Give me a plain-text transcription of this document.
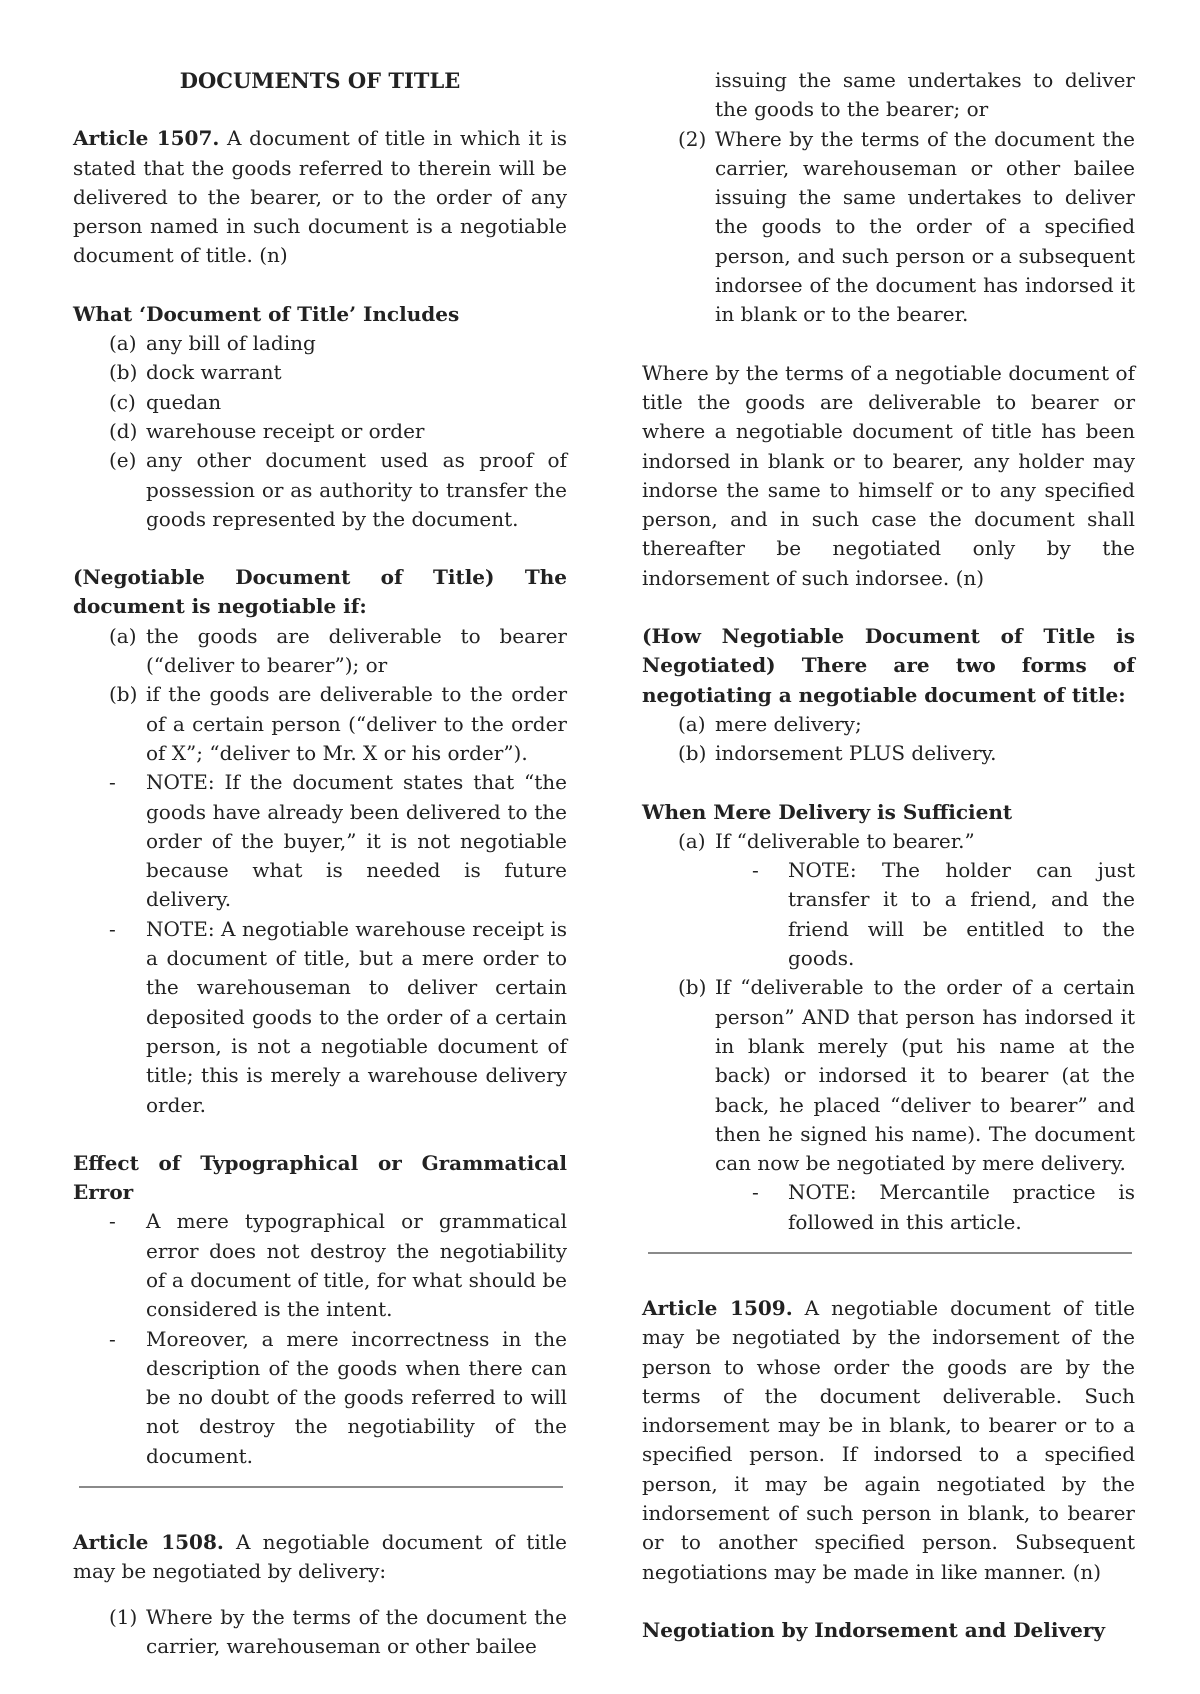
DOCUMENTS OF TITLE

Article 1507. A document of title in which it is stated that the goods referred to therein will be delivered to the bearer, or to the order of any person named in such document is a negotiable document of title. (n)

What ‘Document of Title’ Includes

(a) any bill of lading
(b) dock warrant
(c) quedan
(d) warehouse receipt or order
(e) any other document used as proof of possession or as authority to transfer the goods represented by the document.

(Negotiable Document of Title) The document is negotiable if:

(a) the goods are deliverable to bearer (“deliver to bearer”); or
(b) if the goods are deliverable to the order of a certain person (“deliver to the order of X”; “deliver to Mr. X or his order”).
- NOTE: If the document states that “the goods have already been delivered to the order of the buyer,” it is not negotiable because what is needed is future delivery.
- NOTE: A negotiable warehouse receipt is a document of title, but a mere order to the warehouseman to deliver certain deposited goods to the order of a certain person, is not a negotiable document of title; this is merely a warehouse delivery order.

Effect of Typographical or Grammatical Error

- A mere typographical or grammatical error does not destroy the negotiability of a document of title, for what should be considered is the intent.
- Moreover, a mere incorrectness in the description of the goods when there can be no doubt of the goods referred to will not destroy the negotiability of the document.

Article 1508. A negotiable document of title may be negotiated by delivery:

(1) Where by the terms of the document the carrier, warehouseman or other bailee
issuing the same undertakes to deliver the goods to the bearer; or
(2) Where by the terms of the document the carrier, warehouseman or other bailee issuing the same undertakes to deliver the goods to the order of a specified person, and such person or a subsequent indorsee of the document has indorsed it in blank or to the bearer.

Where by the terms of a negotiable document of title the goods are deliverable to bearer or where a negotiable document of title has been indorsed in blank or to bearer, any holder may indorse the same to himself or to any specified person, and in such case the document shall thereafter be negotiated only by the indorsement of such indorsee. (n)

(How Negotiable Document of Title is Negotiated) There are two forms of negotiating a negotiable document of title:

(a) mere delivery;
(b) indorsement PLUS delivery.

When Mere Delivery is Sufficient

(a) If “deliverable to bearer.”
- NOTE: The holder can just transfer it to a friend, and the friend will be entitled to the goods.
(b) If “deliverable to the order of a certain person” AND that person has indorsed it in blank merely (put his name at the back) or indorsed it to bearer (at the back, he placed “deliver to bearer” and then he signed his name). The document can now be negotiated by mere delivery.
- NOTE: Mercantile practice is followed in this article.

Article 1509. A negotiable document of title may be negotiated by the indorsement of the person to whose order the goods are by the terms of the document deliverable. Such indorsement may be in blank, to bearer or to a specified person. If indorsed to a specified person, it may be again negotiated by the indorsement of such person in blank, to bearer or to another specified person. Subsequent negotiations may be made in like manner. (n)

Negotiation by Indorsement and Delivery
